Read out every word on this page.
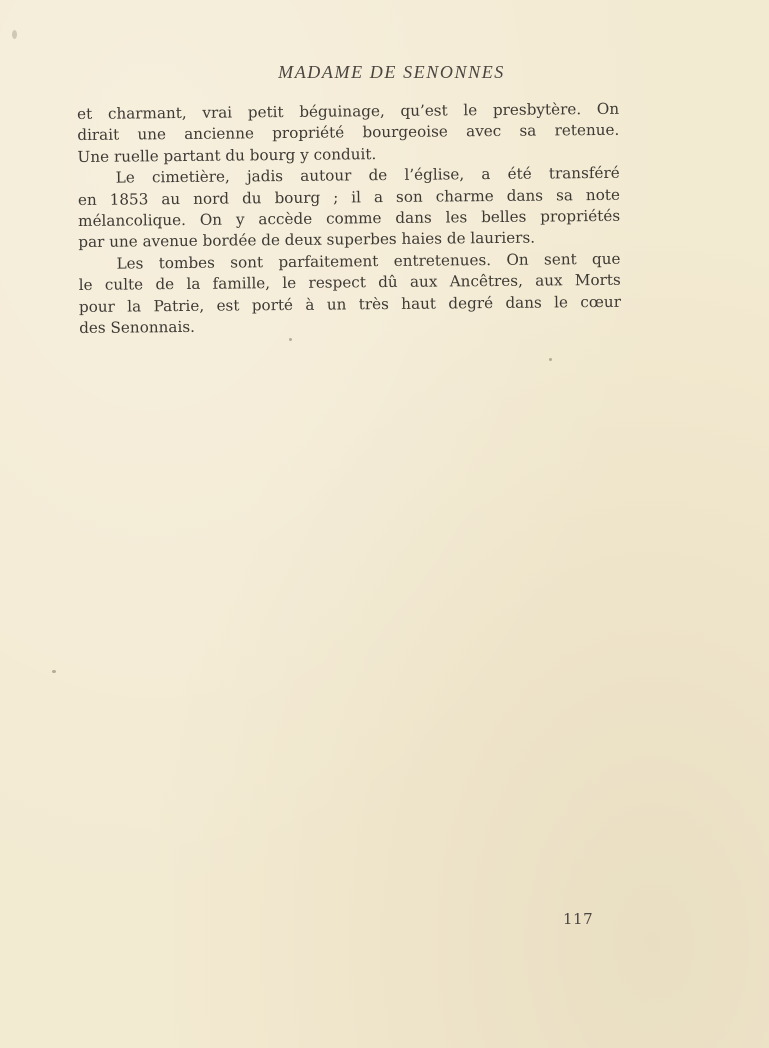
MADAME DE SENONNES
et charmant, vrai petit béguinage, qu’est le presbytère. On
dirait une ancienne propriété bourgeoise avec sa retenue.
Une ruelle partant du bourg y conduit.
Le cimetière, jadis autour de l’église, a été transféré
en 1853 au nord du bourg ; il a son charme dans sa note
mélancolique. On y accède comme dans les belles propriétés
par une avenue bordée de deux superbes haies de lauriers.
Les tombes sont parfaitement entretenues. On sent que
le culte de la famille, le respect dû aux Ancêtres, aux Morts
pour la Patrie, est porté à un très haut degré dans le cœur
des Senonnais.
117
